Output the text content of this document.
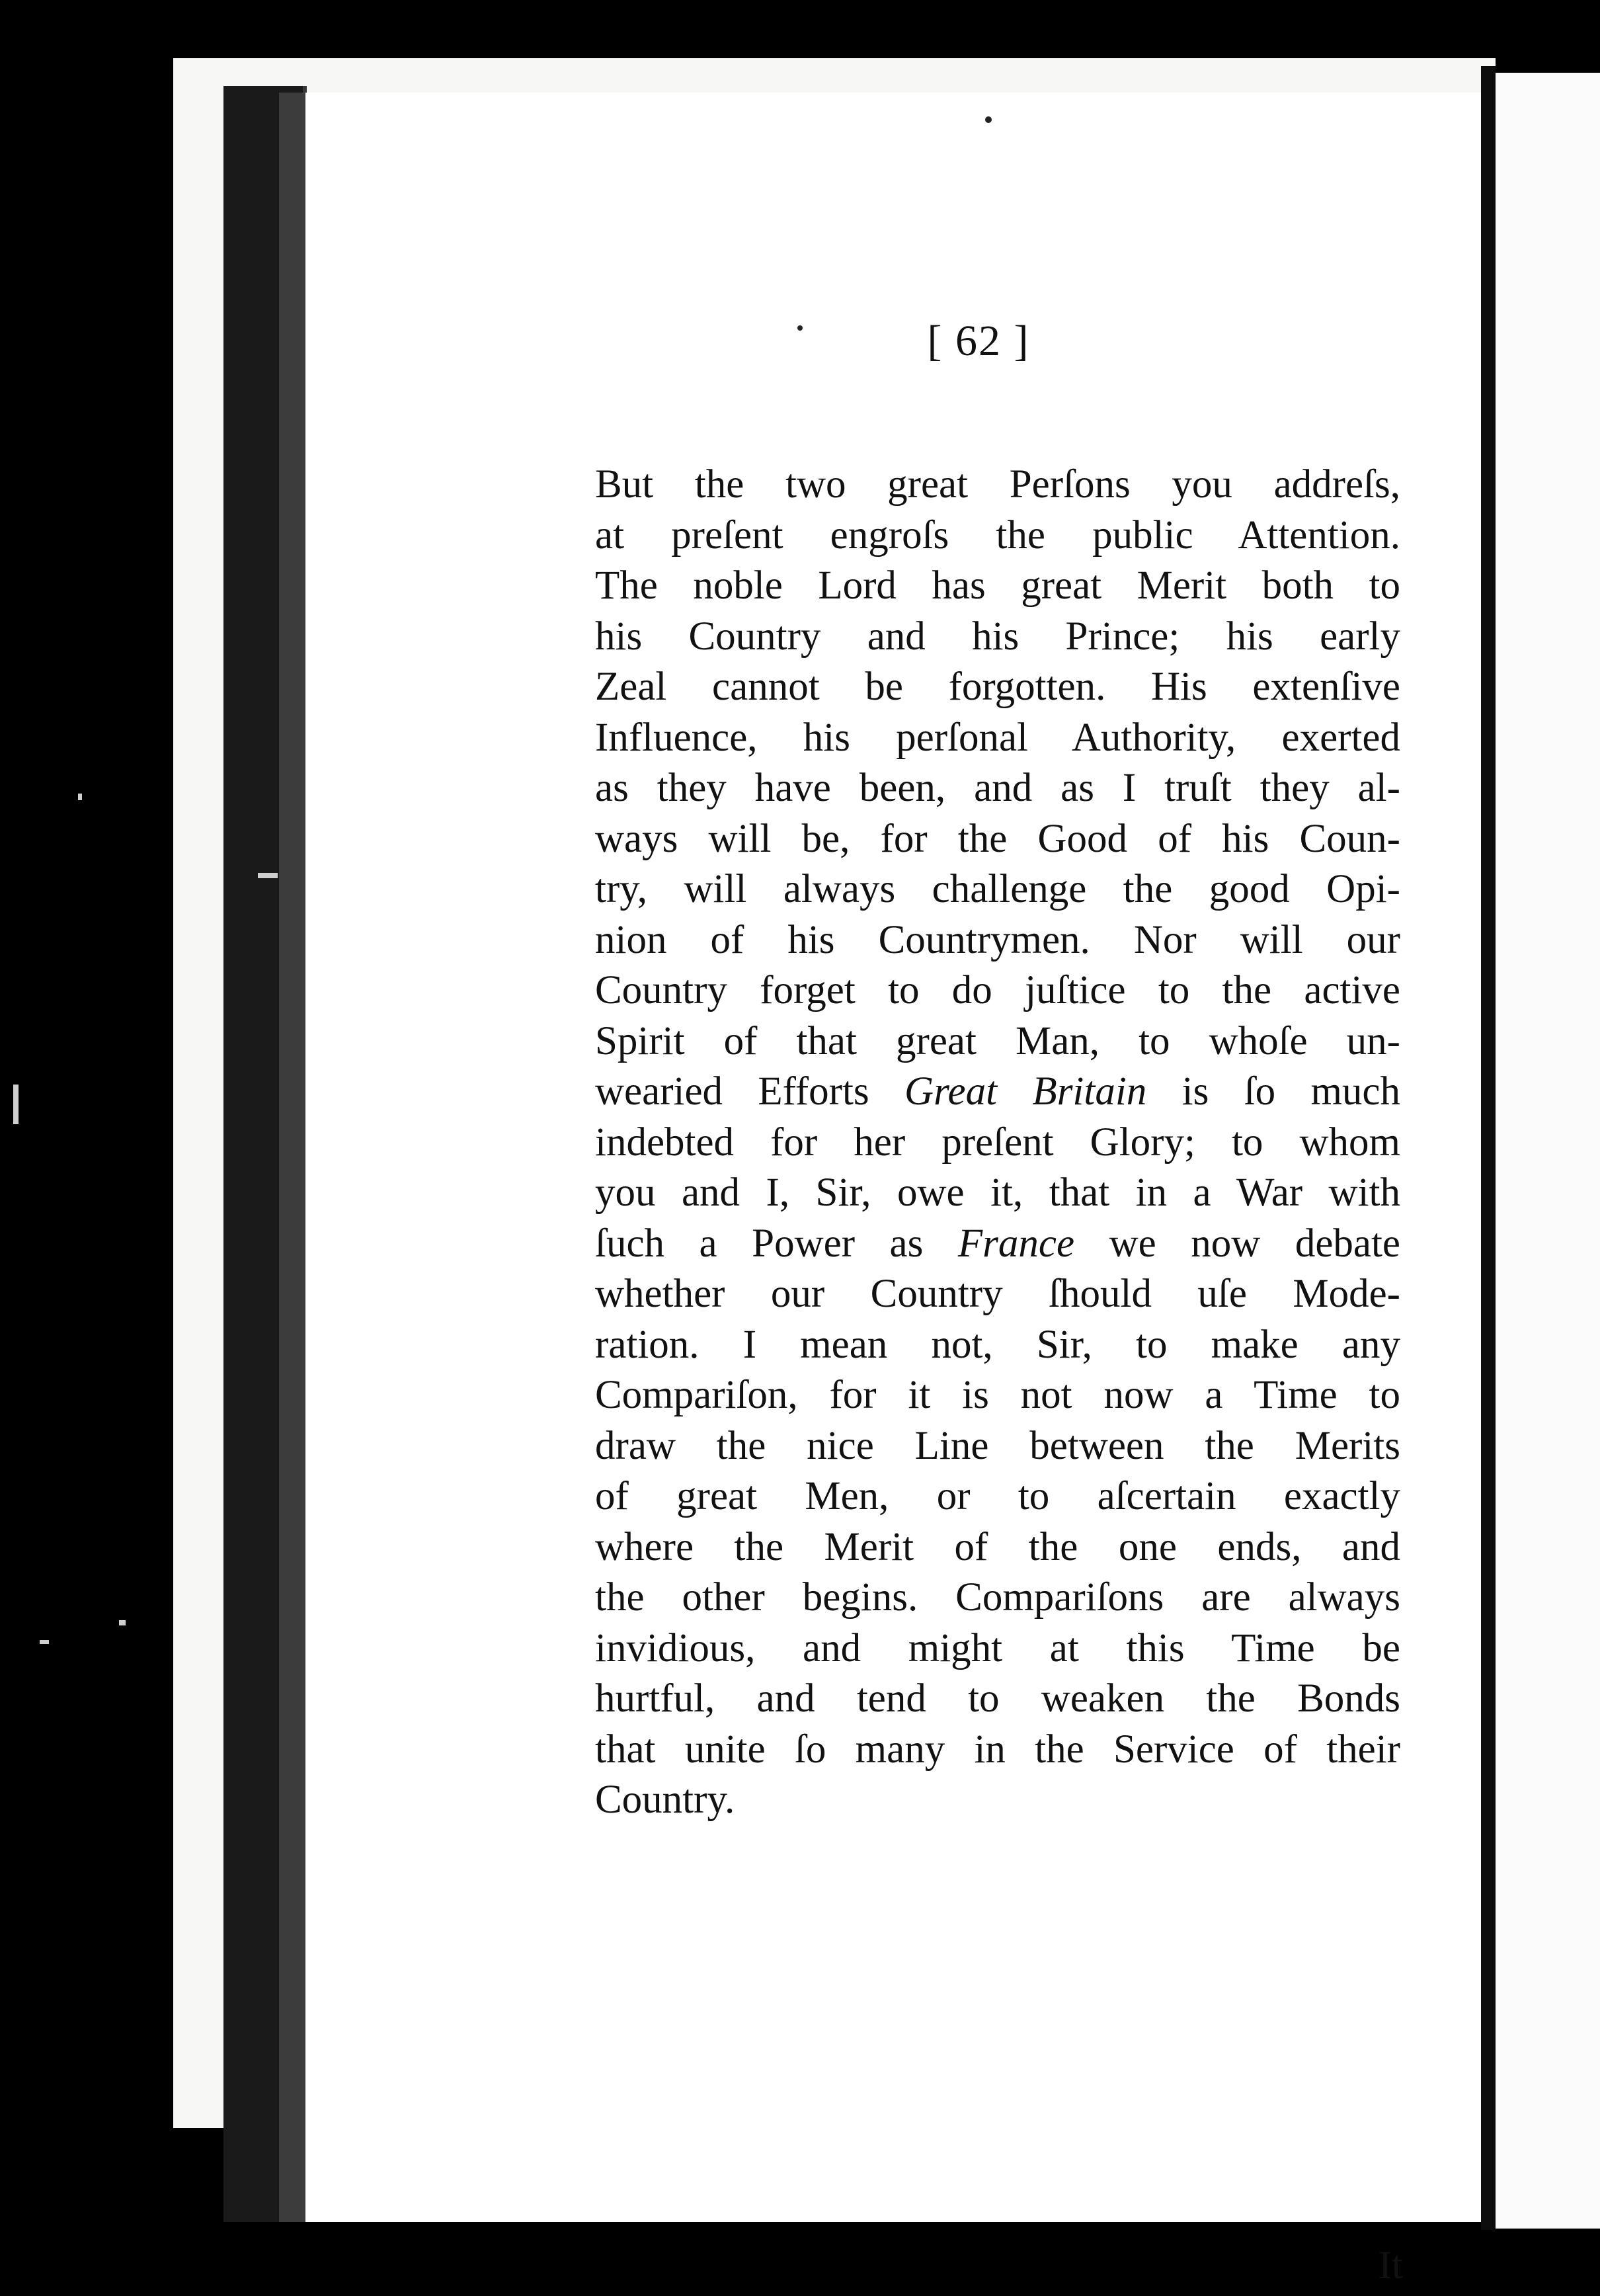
[ 62 ]
But the two great Perſons you addreſs,
at preſent engroſs the public Attention.
The noble Lord has great Merit both to
his Country and his Prince; his early
Zeal cannot be forgotten. His extenſive
Influence, his perſonal Authority, exerted
as they have been, and as I truſt they al-
ways will be, for the Good of his Coun-
try, will always challenge the good Opi-
nion of his Countrymen. Nor will our
Country forget to do juſtice to the active
Spirit of that great Man, to whoſe un-
wearied Efforts Great Britain is ſo much
indebted for her preſent Glory; to whom
you and I, Sir, owe it, that in a War with
ſuch a Power as France we now debate
whether our Country ſhould uſe Mode-
ration. I mean not, Sir, to make any
Compariſon, for it is not now a Time to
draw the nice Line between the Merits
of great Men, or to aſcertain exactly
where the Merit of the one ends, and
the other begins. Compariſons are always
invidious, and might at this Time be
hurtful, and tend to weaken the Bonds
that unite ſo many in the Service of their
Country.
It
